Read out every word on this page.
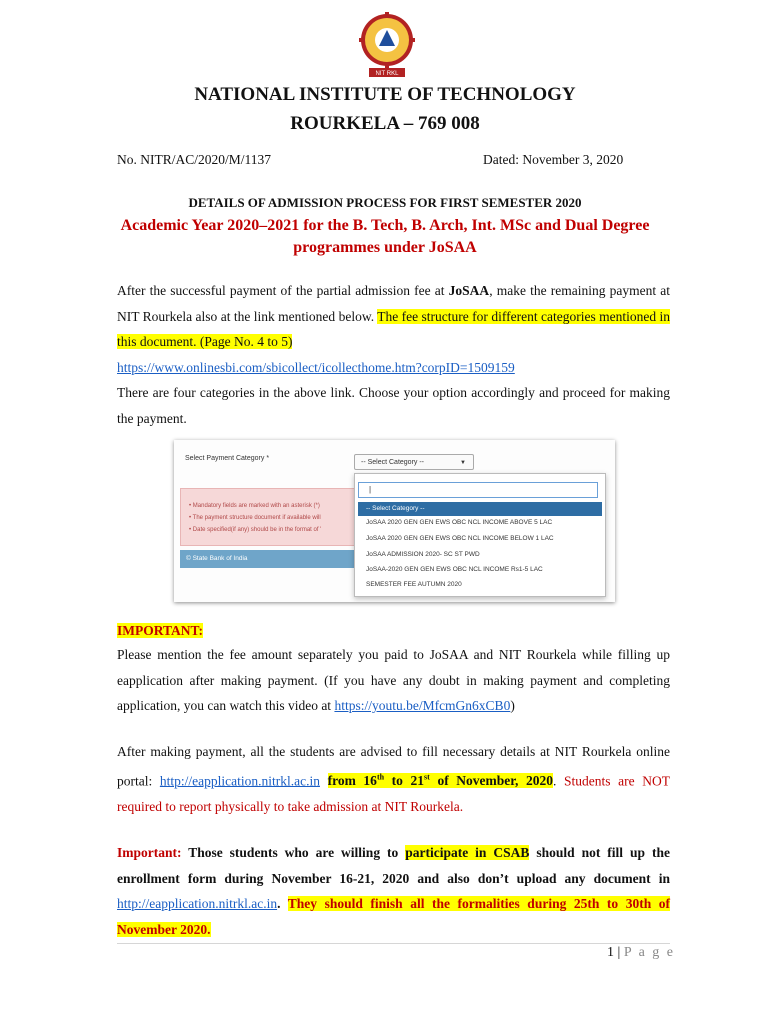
NIT RKL
NATIONAL INSTITUTE OF TECHNOLOGY
ROURKELA – 769 008
No. NITR/AC/2020/M/1137	Dated: November 3, 2020
DETAILS OF ADMISSION PROCESS FOR FIRST SEMESTER 2020
Academic Year 2020–2021 for the B. Tech, B. Arch, Int. MSc and Dual Degree programmes under JoSAA
After the successful payment of the partial admission fee at JoSAA, make the remaining payment at NIT Rourkela also at the link mentioned below. The fee structure for different categories mentioned in this document. (Page No. 4 to 5)
https://www.onlinesbi.com/sbicollect/icollecthome.htm?corpID=1509159
There are four categories in the above link. Choose your option accordingly and proceed for making the payment.
Select Payment Category *
-- Select Category --	▼
• Mandatory fields are marked with an asterisk (*)
• The payment structure document if available will
• Date specified(if any) should be in the format of '
© State Bank of India
|
-- Select Category --
JoSAA 2020 GEN GEN EWS OBC NCL INCOME ABOVE 5 LAC
JoSAA 2020 GEN GEN EWS OBC NCL INCOME BELOW 1 LAC
JoSAA ADMISSION 2020- SC ST PWD
JoSAA-2020 GEN GEN EWS OBC NCL INCOME Rs1-5 LAC
SEMESTER FEE AUTUMN 2020
IMPORTANT:
Please mention the fee amount separately you paid to JoSAA and NIT Rourkela while filling up eapplication after making payment. (If you have any doubt in making payment and completing application, you can watch this video at https://youtu.be/MfcmGn6xCB0)
After making payment, all the students are advised to fill necessary details at NIT Rourkela online portal: http://eapplication.nitrkl.ac.in from 16th to 21st of November, 2020. Students are NOT required to report physically to take admission at NIT Rourkela.
Important: Those students who are willing to participate in CSAB should not fill up the enrollment form during November 16-21, 2020 and also don’t upload any document in http://eapplication.nitrkl.ac.in. They should finish all the formalities during 25th to 30th of November 2020.
1 | P a g e
